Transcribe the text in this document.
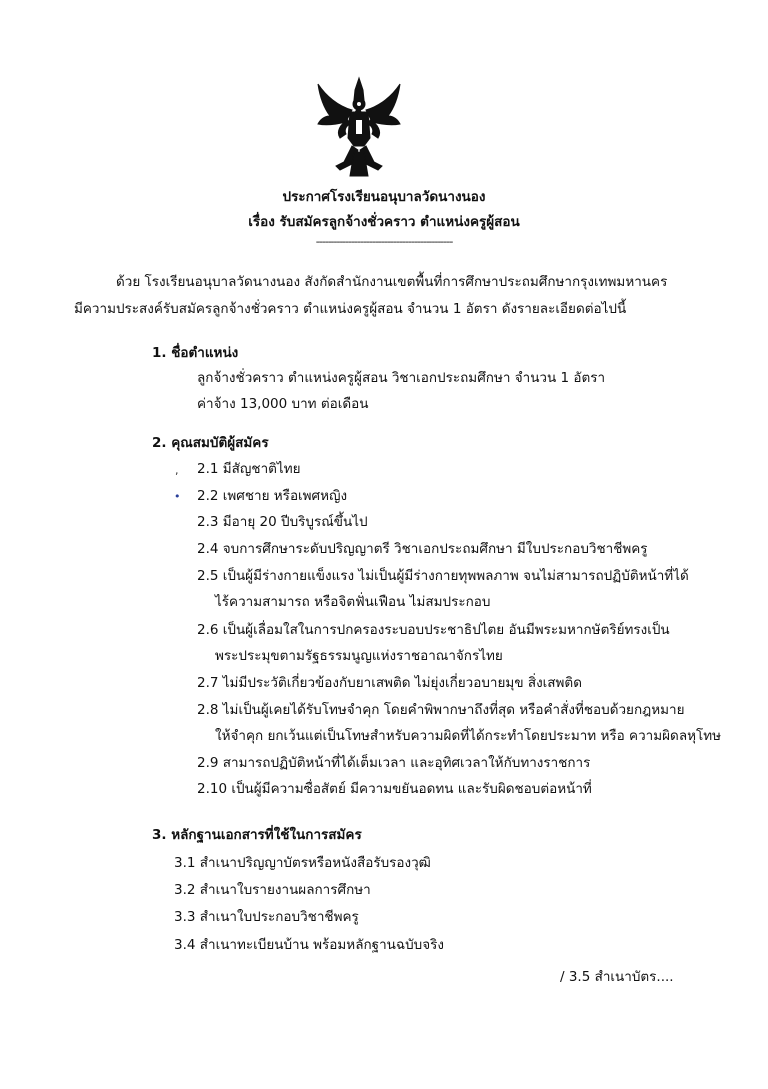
ประกาศโรงเรียนอนุบาลวัดนางนอง

เรื่อง รับสมัครลูกจ้างชั่วคราว ตำแหน่งครูผู้สอน

----------------------------------------------

ด้วย โรงเรียนอนุบาลวัดนางนอง สังกัดสำนักงานเขตพื้นที่การศึกษาประถมศึกษากรุงเทพมหานคร

มีความประสงค์รับสมัครลูกจ้างชั่วคราว ตำแหน่งครูผู้สอน จำนวน 1 อัตรา ดังรายละเอียดต่อไปนี้

1. ชื่อตำแหน่ง

ลูกจ้างชั่วคราว ตำแหน่งครูผู้สอน วิชาเอกประถมศึกษา จำนวน 1 อัตรา

ค่าจ้าง 13,000 บาท ต่อเดือน

2. คุณสมบัติผู้สมัคร

,
•

2.1 มีสัญชาติไทย

2.2 เพศชาย หรือเพศหญิง

2.3 มีอายุ 20 ปีบริบูรณ์ขึ้นไป

2.4 จบการศึกษาระดับปริญญาตรี วิชาเอกประถมศึกษา มีใบประกอบวิชาชีพครู

2.5 เป็นผู้มีร่างกายแข็งแรง ไม่เป็นผู้มีร่างกายทุพพลภาพ จนไม่สามารถปฏิบัติหน้าที่ได้

ไร้ความสามารถ หรือจิตฟั่นเฟือน ไม่สมประกอบ

2.6 เป็นผู้เลื่อมใสในการปกครองระบอบประชาธิปไตย อันมีพระมหากษัตริย์ทรงเป็น

พระประมุขตามรัฐธรรมนูญแห่งราชอาณาจักรไทย

2.7 ไม่มีประวัติเกี่ยวข้องกับยาเสพติด ไม่ยุ่งเกี่ยวอบายมุข สิ่งเสพติด

2.8 ไม่เป็นผู้เคยได้รับโทษจำคุก โดยคำพิพากษาถึงที่สุด หรือคำสั่งที่ชอบด้วยกฎหมาย

ให้จำคุก ยกเว้นแต่เป็นโทษสำหรับความผิดที่ได้กระทำโดยประมาท หรือ ความผิดลหุโทษ

2.9 สามารถปฏิบัติหน้าที่ได้เต็มเวลา และอุทิศเวลาให้กับทางราชการ

2.10 เป็นผู้มีความซื่อสัตย์ มีความขยันอดทน และรับผิดชอบต่อหน้าที่

3. หลักฐานเอกสารที่ใช้ในการสมัคร

3.1 สำเนาปริญญาบัตรหรือหนังสือรับรองวุฒิ

3.2 สำเนาใบรายงานผลการศึกษา

3.3 สำเนาใบประกอบวิชาชีพครู

3.4 สำเนาทะเบียนบ้าน พร้อมหลักฐานฉบับจริง

/ 3.5 สำเนาบัตร....
